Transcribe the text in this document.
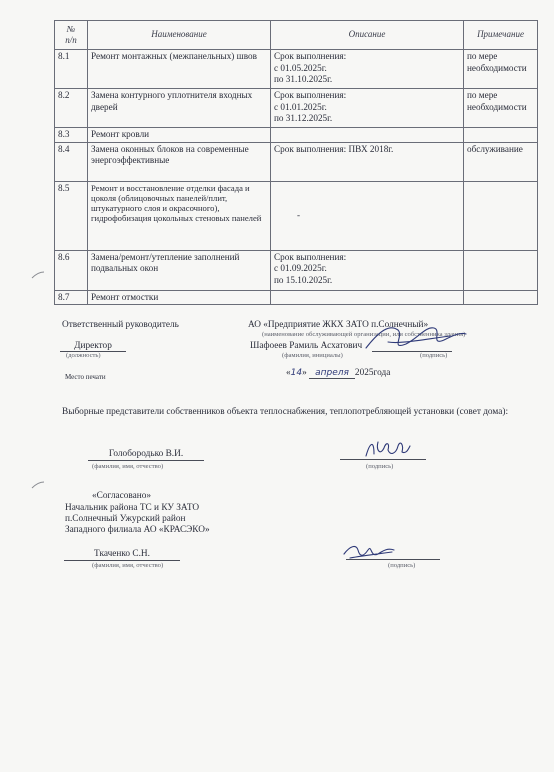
№
п/п	Наименование	Описание	Примечание
8.1	Ремонт монтажных (межпанельных) швов	Срок выполнения:
с 01.05.2025г.
по 31.10.2025г.	по мере
необходимости
8.2	Замена контурного уплотнителя входных дверей	Срок выполнения:
с 01.01.2025г.
по 31.12.2025г.	по мере
необходимости
8.3	Ремонт кровли		
8.4	Замена оконных блоков на современные энергоэффективные	Срок выполнения: ПВХ 2018г.	обслуживание
8.5	Ремонт и восстановление отделки фасада и цоколя (облицовочных панелей/плит, штукатурного слоя и окрасочного), гидрофобизация цокольных стеновых панелей	-	
8.6	Замена/ремонт/утепление заполнений подвальных окон	Срок выполнения:
с 01.09.2025г.
по 15.10.2025г.	
8.7	Ремонт отмостки		
Ответственный руководитель	АО «Предприятие ЖКХ ЗАТО п.Солнечный»
(наименование обслуживающей организации, или собственника здания)
Директор
(должность)
Шафоеев Рамиль Асхатович
(фамилия, инициалы)	(подпись)
Место печати	«14» апреля 2025года
Выборные представители собственников объекта теплоснабжения, теплопотребляющей установки (совет дома):
Голобородько В.И.
(фамилия, имя, отчество)	(подпись)
«Согласовано»
Начальник района ТС и КУ ЗАТО
п.Солнечный Ужурский район
Западного филиала АО «КРАСЭКО»
Ткаченко С.Н.
(фамилия, имя, отчество)	(подпись)
